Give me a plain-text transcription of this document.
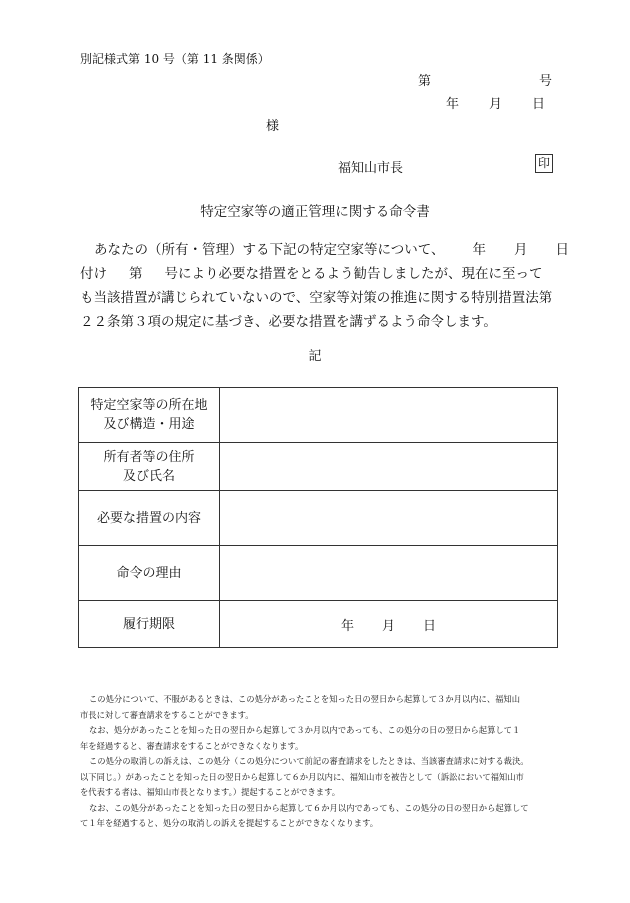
別記様式第 10 号（第 11 条関係）
第	号
年 月 日
様
福知山市長	印
特定空家等の適正管理に関する命令書
あなたの（所有・管理）する下記の特定空家等について、 年 月 日
付け 第 号により必要な措置をとるよう勧告しましたが、現在に至って
も当該措置が講じられていないので、空家等対策の推進に関する特別措置法第
２２条第３項の規定に基づき、必要な措置を講ずるよう命令します。
記
特定空家等の所在地
及び構造・用途	

所有者等の住所
及び氏名	

必要な措置の内容	

命令の理由	

履行期限	年 月 日
この処分について、不服があるときは、この処分があったことを知った日の翌日から起算して３か月以内に、福知山
市長に対して審査請求をすることができます。
なお、処分があったことを知った日の翌日から起算して３か月以内であっても、この処分の日の翌日から起算して１
年を経過すると、審査請求をすることができなくなります。
この処分の取消しの訴えは、この処分（この処分について前記の審査請求をしたときは、当該審査請求に対する裁決。
以下同じ。）があったことを知った日の翌日から起算して６か月以内に、福知山市を被告として（訴訟において福知山市
を代表する者は、福知山市長となります。）提起することができます。
なお、この処分があったことを知った日の翌日から起算して６か月以内であっても、この処分の日の翌日から起算して
て１年を経過すると、処分の取消しの訴えを提起することができなくなります。
